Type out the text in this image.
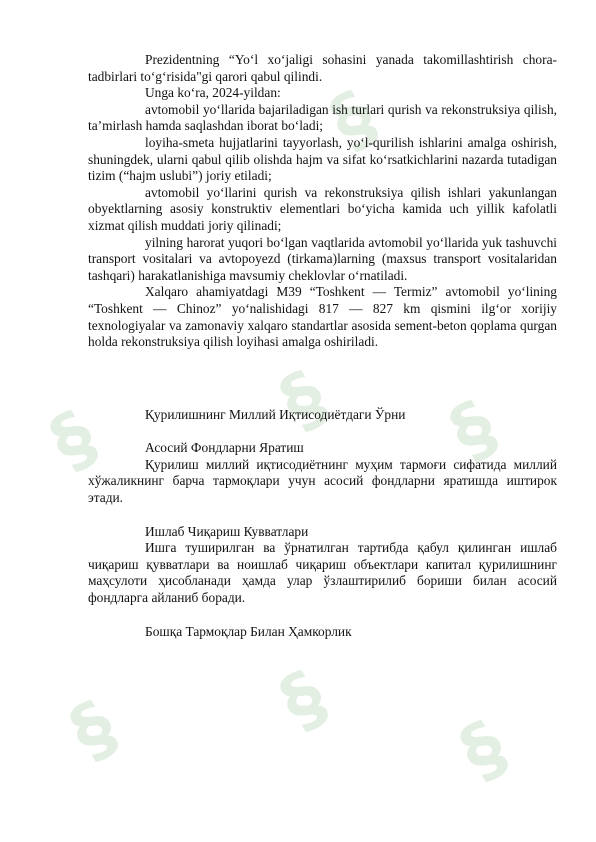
§
§ § §
§ §
§

Prezidentning “Yo‘l xo‘jaligi sohasini yanada takomillashtirish chora-tadbirlari to‘g‘risida"gi qarori qabul qilindi.

Unga ko‘ra, 2024-yildan:

avtomobil yo‘llarida bajariladigan ish turlari qurish va rekonstruksiya qilish, ta’mirlash hamda saqlashdan iborat bo‘ladi;

loyiha-smeta hujjatlarini tayyorlash, yo‘l-qurilish ishlarini amalga oshirish, shuningdek, ularni qabul qilib olishda hajm va sifat ko‘rsatkichlarini nazarda tutadigan tizim (“hajm uslubi”) joriy etiladi;

avtomobil yo‘llarini qurish va rekonstruksiya qilish ishlari yakunlangan obyektlarning asosiy konstruktiv elementlari bo‘yicha kamida uch yillik kafolatli xizmat qilish muddati joriy qilinadi;

yilning harorat yuqori bo‘lgan vaqtlarida avtomobil yo‘llarida yuk tashuvchi transport vositalari va avtopoyezd (tirkama)larning (maxsus transport vositalaridan tashqari) harakatlanishiga mavsumiy cheklovlar o‘rnatiladi.

Xalqaro ahamiyatdagi M39 “Toshkent — Termiz” avtomobil yo‘lining “Toshkent — Chinoz” yo‘nalishidagi 817 — 827 km qismini ilg‘or xorijiy texnologiyalar va zamonaviy xalqaro standartlar asosida sement-beton qoplama qurgan holda rekonstruksiya qilish loyihasi amalga oshiriladi.

Қурилишнинг Миллий Иқтисодиётдаги Ўрни
Асосий Фондларни Яратиш

Қурилиш миллий иқтисодиётнинг муҳим тармоғи сифатида миллий хўжаликнинг барча тармоқлари учун асосий фондларни яратишда иштирок этади.

Ишлаб Чиқариш Кувватлари

Ишга туширилган ва ўрнатилган тартибда қабул қилинган ишлаб чиқариш қувватлари ва ноишлаб чиқариш объектлари капитал қурилишнинг маҳсулоти ҳисобланади ҳамда улар ўзлаштирилиб бориши билан асосий фондларга айланиб боради.

Бошқа Тармоқлар Билан Ҳамкорлик
